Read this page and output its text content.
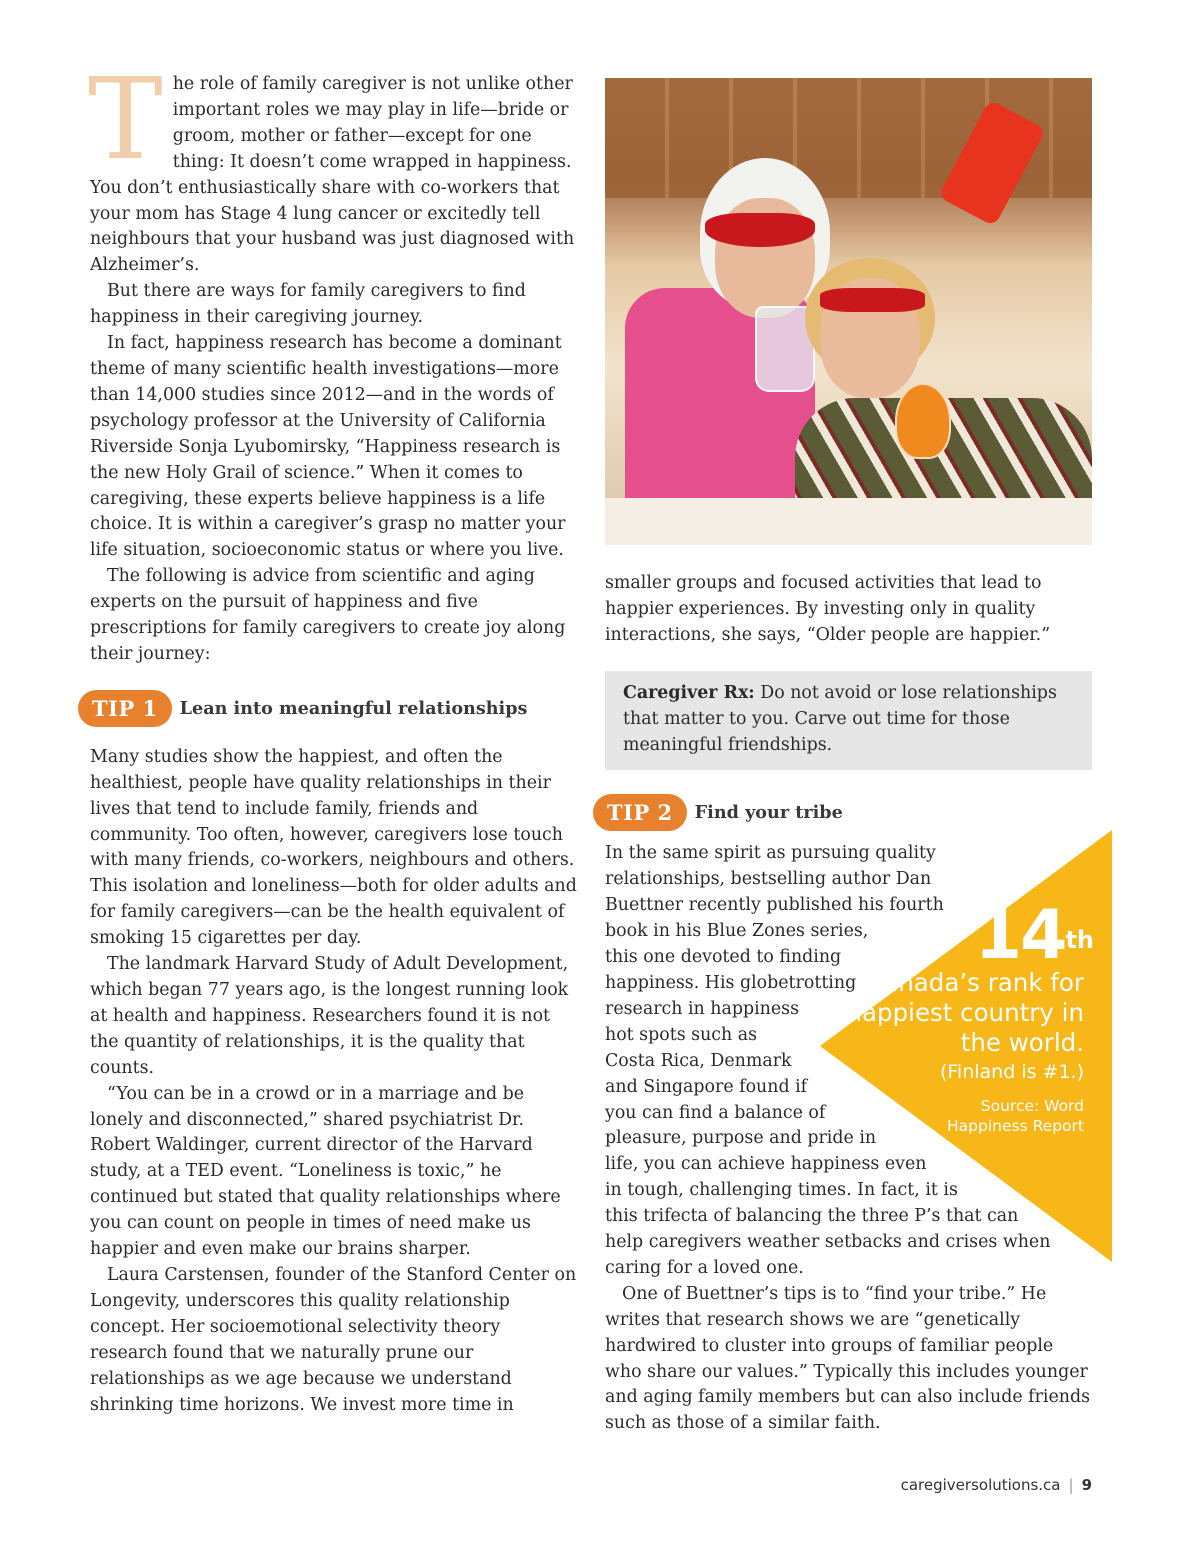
The role of family caregiver is not unlike other important roles we may play in life—bride or groom, mother or father—except for one thing: It doesn’t come wrapped in happiness. You don’t enthusiastically share with co-workers that your mom has Stage 4 lung cancer or excitedly tell neighbours that your husband was just diagnosed with Alzheimer’s.

But there are ways for family caregivers to find happiness in their caregiving journey.

In fact, happiness research has become a dominant theme of many scientific health investigations—more than 14,000 studies since 2012—and in the words of psychology professor at the University of California Riverside Sonja Lyubomirsky, “Happiness research is the new Holy Grail of science.” When it comes to caregiving, these experts believe happiness is a life choice. It is within a caregiver’s grasp no matter your life situation, socioeconomic status or where you live.

The following is advice from scientific and aging experts on the pursuit of happiness and five prescriptions for family caregivers to create joy along their journey:

TIP 1	Lean into meaningful relationships

Many studies show the happiest, and often the healthiest, people have quality relationships in their lives that tend to include family, friends and community. Too often, however, caregivers lose touch with many friends, co-workers, neighbours and others. This isolation and loneliness—both for older adults and for family caregivers—can be the health equivalent of smoking 15 cigarettes per day.

The landmark Harvard Study of Adult Development, which began 77 years ago, is the longest running look at health and happiness. Researchers found it is not the quantity of relationships, it is the quality that counts.

“You can be in a crowd or in a marriage and be lonely and disconnected,” shared psychiatrist Dr. Robert Waldinger, current director of the Harvard study, at a TED event. “Loneliness is toxic,” he continued but stated that quality relationships where you can count on people in times of need make us happier and even make our brains sharper.

Laura Carstensen, founder of the Stanford Center on Longevity, underscores this quality relationship concept. Her socioemotional selectivity theory research found that we naturally prune our relationships as we age because we understand shrinking time horizons. We invest more time in

smaller groups and focused activities that lead to happier experiences. By investing only in quality interactions, she says, “Older people are happier.”

Caregiver Rx: Do not avoid or lose relationships that matter to you. Carve out time for those meaningful friendships.
TIP 2	Find your tribe

In the same spirit as pursuing quality
relationships, bestselling author Dan
Buettner recently published his fourth
book in his Blue Zones series,
this one devoted to finding
happiness. His globetrotting
research in happiness
hot spots such as
Costa Rica, Denmark
and Singapore found if
you can find a balance of
pleasure, purpose and pride in
life, you can achieve happiness even
in tough, challenging times. In fact, it is
this trifecta of balancing the three P’s that can
help caregivers weather setbacks and crises when
caring for a loved one.

One of Buettner’s tips is to “find your tribe.” He writes that research shows we are “genetically hardwired to cluster into groups of familiar people who share our values.” Typically this includes younger and aging family members but can also include friends such as those of a similar faith.

14th
Canada’s rank for happiest country in the world.
(Finland is #1.)
Source: Word Happiness Report
caregiversolutions.ca | 9
